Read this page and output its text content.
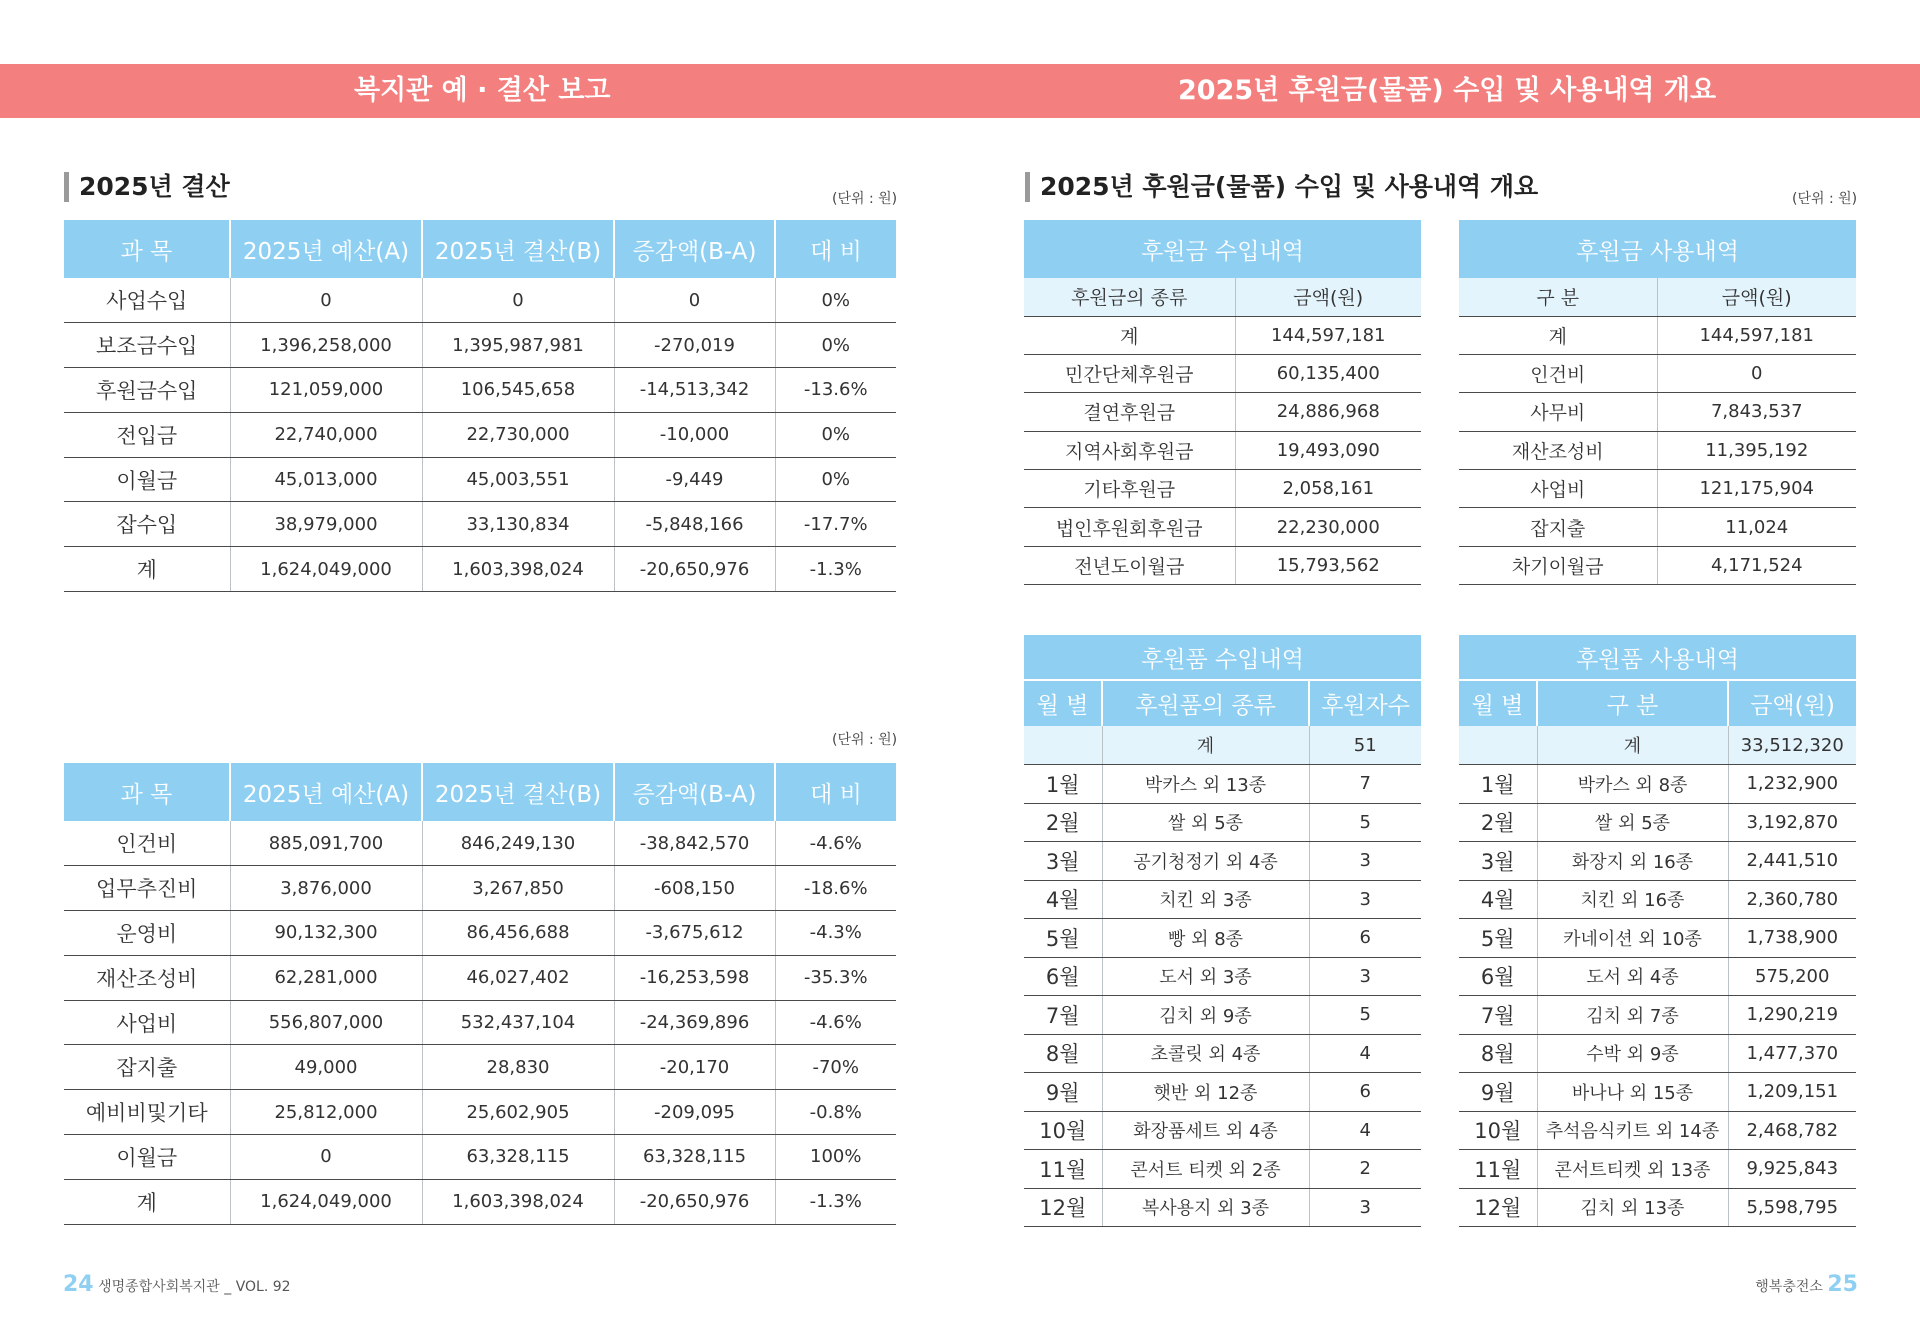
복지관 예 · 결산 보고	2025년 후원금(물품) 수입 및 사용내역 개요
2025년 결산	(단위 : 원)
과 목	2025년 예산(A)	2025년 결산(B)	증감액(B-A)	대 비
사업수입	0	0	0	0%
보조금수입	1,396,258,000	1,395,987,981	-270,019	0%
후원금수입	121,059,000	106,545,658	-14,513,342	-13.6%
전입금	22,740,000	22,730,000	-10,000	0%
이월금	45,013,000	45,003,551	-9,449	0%
잡수입	38,979,000	33,130,834	-5,848,166	-17.7%
계	1,624,049,000	1,603,398,024	-20,650,976	-1.3%
(단위 : 원)
과 목	2025년 예산(A)	2025년 결산(B)	증감액(B-A)	대 비
인건비	885,091,700	846,249,130	-38,842,570	-4.6%
업무추진비	3,876,000	3,267,850	-608,150	-18.6%
운영비	90,132,300	86,456,688	-3,675,612	-4.3%
재산조성비	62,281,000	46,027,402	-16,253,598	-35.3%
사업비	556,807,000	532,437,104	-24,369,896	-4.6%
잡지출	49,000	28,830	-20,170	-70%
예비비및기타	25,812,000	25,602,905	-209,095	-0.8%
이월금	0	63,328,115	63,328,115	100%
계	1,624,049,000	1,603,398,024	-20,650,976	-1.3%
2025년 후원금(물품) 수입 및 사용내역 개요	(단위 : 원)
후원금 수입내역	
후원금의 종류	금액(원)
계	144,597,181
민간단체후원금	60,135,400
결연후원금	24,886,968
지역사회후원금	19,493,090
기타후원금	2,058,161
법인후원회후원금	22,230,000
전년도이월금	15,793,562
후원금 사용내역	
구 분	금액(원)
계	144,597,181
인건비	0
사무비	7,843,537
재산조성비	11,395,192
사업비	121,175,904
잡지출	11,024
차기이월금	4,171,524
후원품 수입내역		
월 별	후원품의 종류	후원자수
	계	51
1월	박카스 외 13종	7
2월	쌀 외 5종	5
3월	공기청정기 외 4종	3
4월	치킨 외 3종	3
5월	빵 외 8종	6
6월	도서 외 3종	3
7월	김치 외 9종	5
8월	초콜릿 외 4종	4
9월	햇반 외 12종	6
10월	화장품세트 외 4종	4
11월	콘서트 티켓 외 2종	2
12월	복사용지 외 3종	3
후원품 사용내역		
월 별	구 분	금액(원)
	계	33,512,320
1월	박카스 외 8종	1,232,900
2월	쌀 외 5종	3,192,870
3월	화장지 외 16종	2,441,510
4월	치킨 외 16종	2,360,780
5월	카네이션 외 10종	1,738,900
6월	도서 외 4종	575,200
7월	김치 외 7종	1,290,219
8월	수박 외 9종	1,477,370
9월	바나나 외 15종	1,209,151
10월	추석음식키트 외 14종	2,468,782
11월	콘서트티켓 외 13종	9,925,843
12월	김치 외 13종	5,598,795
24 생명종합사회복지관 _ VOL. 92	행복충전소 25
